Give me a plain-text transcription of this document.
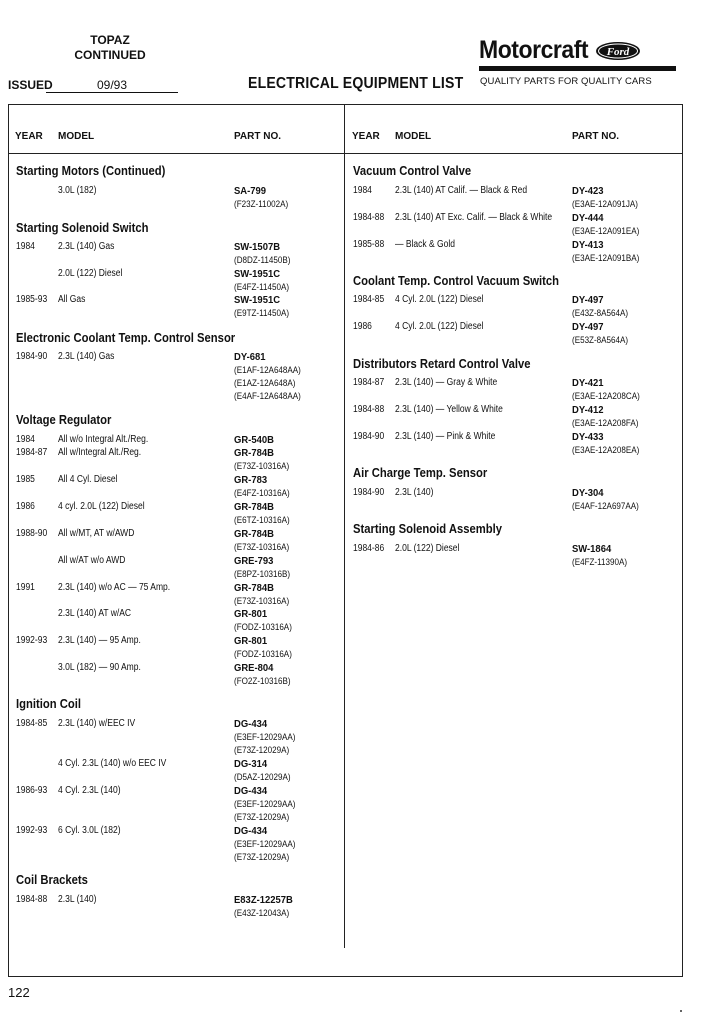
TOPAZ
CONTINUED
ISSUED	09/93	ELECTRICAL EQUIPMENT LIST
Motorcraft Ford
QUALITY PARTS FOR QUALITY CARS
YEAR MODEL	PART NO.	YEAR MODEL	PART NO.
Starting Motors (Continued)
3.0L (182)	SA-799
(F23Z-11002A)
Starting Solenoid Switch
1984 2.3L (140) Gas	SW-1507B
(D8DZ-11450B)
2.0L (122) Diesel	SW-1951C
(E4FZ-11450A)
1985-93 All Gas	SW-1951C
(E9TZ-11450A)
Electronic Coolant Temp. Control Sensor
1984-90 2.3L (140) Gas	DY-681
(E1AF-12A648AA)
(E1AZ-12A648A)
(E4AF-12A648AA)
Voltage Regulator
1984 All w/o Integral Alt./Reg.	GR-540B
1984-87 All w/Integral Alt./Reg.	GR-784B
(E73Z-10316A)
1985 All 4 Cyl. Diesel	GR-783
(E4FZ-10316A)
1986 4 cyl. 2.0L (122) Diesel	GR-784B
(E6TZ-10316A)
1988-90 All w/MT, AT w/AWD	GR-784B
(E73Z-10316A)
All w/AT w/o AWD	GRE-793
(E8PZ-10316B)
1991 2.3L (140) w/o AC — 75 Amp.	GR-784B
(E73Z-10316A)
2.3L (140) AT w/AC	GR-801
(FODZ-10316A)
1992-93 2.3L (140) — 95 Amp.	GR-801
(FODZ-10316A)
3.0L (182) — 90 Amp.	GRE-804
(FO2Z-10316B)
Ignition Coil
1984-85 2.3L (140) w/EEC IV	DG-434
(E3EF-12029AA)
(E73Z-12029A)
4 Cyl. 2.3L (140) w/o EEC IV	DG-314
(D5AZ-12029A)
1986-93 4 Cyl. 2.3L (140)	DG-434
(E3EF-12029AA)
(E73Z-12029A)
1992-93 6 Cyl. 3.0L (182)	DG-434
(E3EF-12029AA)
(E73Z-12029A)
Coil Brackets
1984-88 2.3L (140)	E83Z-12257B
(E43Z-12043A)
Vacuum Control Valve
1984 2.3L (140) AT Calif. — Black & Red	DY-423
(E3AE-12A091JA)
1984-88 2.3L (140) AT Exc. Calif. — Black & White DY-444
(E3AE-12A091EA)
1985-88 — Black & Gold	DY-413
(E3AE-12A091BA)
Coolant Temp. Control Vacuum Switch
1984-85 4 Cyl. 2.0L (122) Diesel	DY-497
(E43Z-8A564A)
1986 4 Cyl. 2.0L (122) Diesel	DY-497
(E53Z-8A564A)
Distributors Retard Control Valve
1984-87 2.3L (140) — Gray & White	DY-421
(E3AE-12A208CA)
1984-88 2.3L (140) — Yellow & White	DY-412
(E3AE-12A208FA)
1984-90 2.3L (140) — Pink & White	DY-433
(E3AE-12A208EA)
Air Charge Temp. Sensor
1984-90 2.3L (140)	DY-304
(E4AF-12A697AA)
Starting Solenoid Assembly
1984-86 2.0L (122) Diesel	SW-1864
(E4FZ-11390A)
122
